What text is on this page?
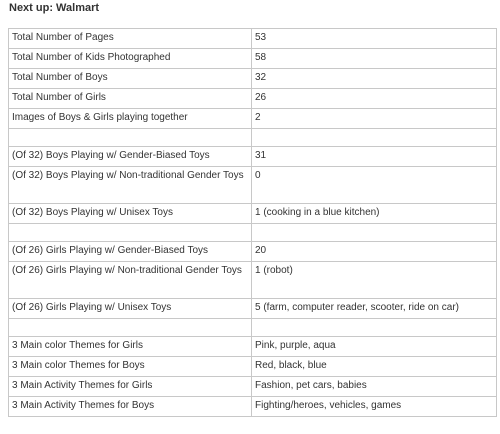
Next up: Walmart

Total Number of Pages	53
Total Number of Kids Photographed	58
Total Number of Boys	32
Total Number of Girls	26
Images of Boys & Girls playing together	2

(Of 32) Boys Playing w/ Gender-Biased Toys	31
(Of 32) Boys Playing w/ Non-traditional Gender Toys	0
(Of 32) Boys Playing w/ Unisex Toys	1 (cooking in a blue kitchen)

(Of 26) Girls Playing w/ Gender-Biased Toys	20
(Of 26) Girls Playing w/ Non-traditional Gender Toys	1 (robot)
(Of 26) Girls Playing w/ Unisex Toys	5 (farm, computer reader, scooter, ride on car)

3 Main color Themes for Girls	Pink, purple, aqua
3 Main color Themes for Boys	Red, black, blue
3 Main Activity Themes for Girls	Fashion, pet cars, babies
3 Main Activity Themes for Boys	Fighting/heroes, vehicles, games
